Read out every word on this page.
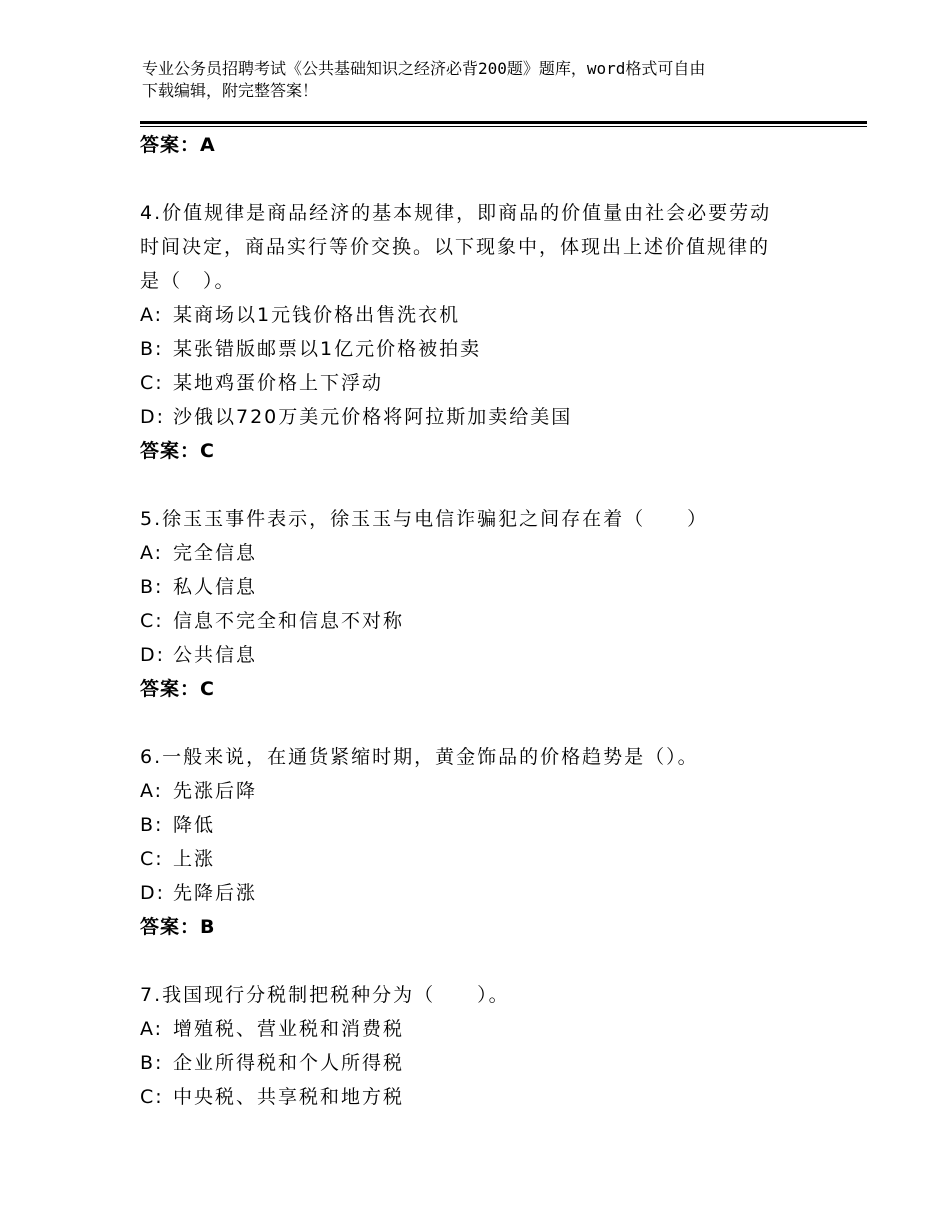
专业公务员招聘考试《公共基础知识之经济必背200题》题库，word格式可自由
下载编辑，附完整答案！
答案：A
4.价值规律是商品经济的基本规律，即商品的价值量由社会必要劳动
时间决定，商品实行等价交换。以下现象中，体现出上述价值规律的
是（　）。
A: 某商场以1元钱价格出售洗衣机
B: 某张错版邮票以1亿元价格被拍卖
C: 某地鸡蛋价格上下浮动
D: 沙俄以720万美元价格将阿拉斯加卖给美国
答案：C
5.徐玉玉事件表示，徐玉玉与电信诈骗犯之间存在着（　　）
A: 完全信息
B: 私人信息
C: 信息不完全和信息不对称
D: 公共信息
答案：C
6.一般来说，在通货紧缩时期，黄金饰品的价格趋势是（）。
A: 先涨后降
B: 降低
C: 上涨
D: 先降后涨
答案：B
7.我国现行分税制把税种分为（　　）。
A: 增殖税、营业税和消费税
B: 企业所得税和个人所得税
C: 中央税、共享税和地方税
